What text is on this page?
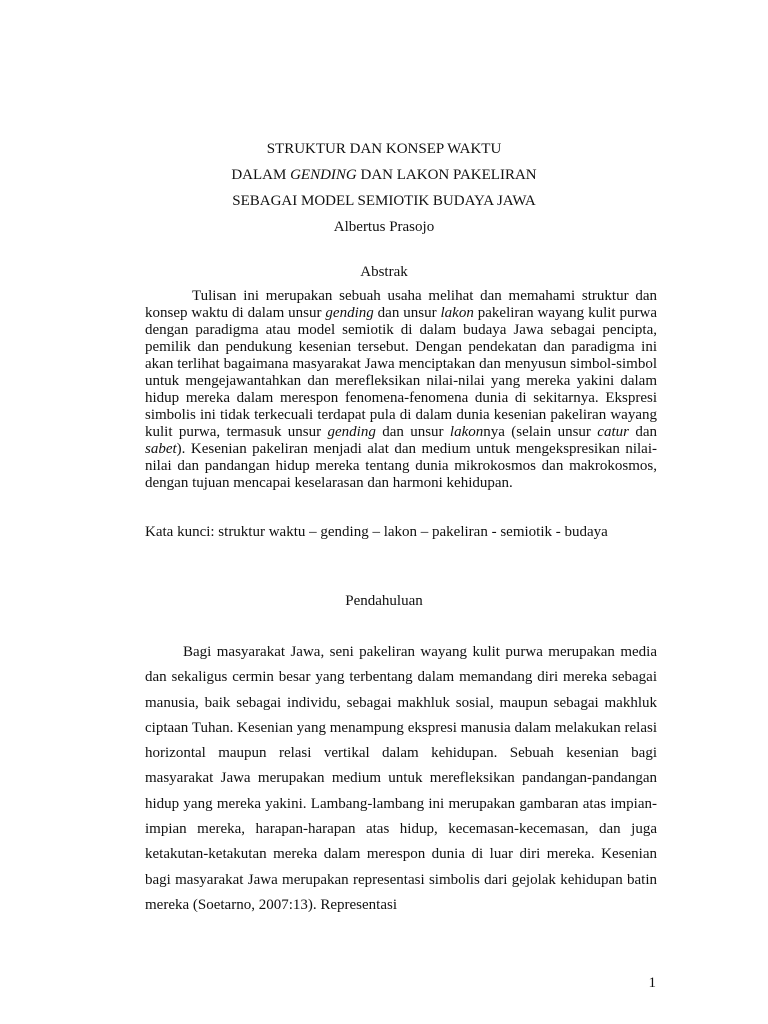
STRUKTUR DAN KONSEP WAKTU
DALAM GENDING DAN LAKON PAKELIRAN
SEBAGAI MODEL SEMIOTIK BUDAYA JAWA
Albertus Prasojo
Abstrak
Tulisan ini merupakan sebuah usaha melihat dan memahami struktur dan konsep waktu di dalam unsur gending dan unsur lakon pakeliran wayang kulit purwa dengan paradigma atau model semiotik di dalam budaya Jawa sebagai pencipta, pemilik dan pendukung kesenian tersebut. Dengan pendekatan dan paradigma ini akan terlihat bagaimana masyarakat Jawa menciptakan dan menyusun simbol-simbol untuk mengejawantahkan dan merefleksikan nilai-nilai yang mereka yakini dalam hidup mereka dalam merespon fenomena-fenomena dunia di sekitarnya. Ekspresi simbolis ini tidak terkecuali terdapat pula di dalam dunia kesenian pakeliran wayang kulit purwa, termasuk unsur gending dan unsur lakonnya (selain unsur catur dan sabet). Kesenian pakeliran menjadi alat dan medium untuk mengekspresikan nilai-nilai dan pandangan hidup mereka tentang dunia mikrokosmos dan makrokosmos, dengan tujuan mencapai keselarasan dan harmoni kehidupan.
Kata kunci: struktur waktu – gending – lakon – pakeliran - semiotik - budaya
Pendahuluan
Bagi masyarakat Jawa, seni pakeliran wayang kulit purwa merupakan media dan sekaligus cermin besar yang terbentang dalam memandang diri mereka sebagai manusia, baik sebagai individu, sebagai makhluk sosial, maupun sebagai makhluk ciptaan Tuhan. Kesenian yang menampung ekspresi manusia dalam melakukan relasi horizontal maupun relasi vertikal dalam kehidupan. Sebuah kesenian bagi masyarakat Jawa merupakan medium untuk merefleksikan pandangan-pandangan hidup yang mereka yakini. Lambang-lambang ini merupakan gambaran atas impian-impian mereka, harapan-harapan atas hidup, kecemasan-kecemasan, dan juga ketakutan-ketakutan mereka dalam merespon dunia di luar diri mereka. Kesenian bagi masyarakat Jawa merupakan representasi simbolis dari gejolak kehidupan batin mereka (Soetarno, 2007:13). Representasi
1
